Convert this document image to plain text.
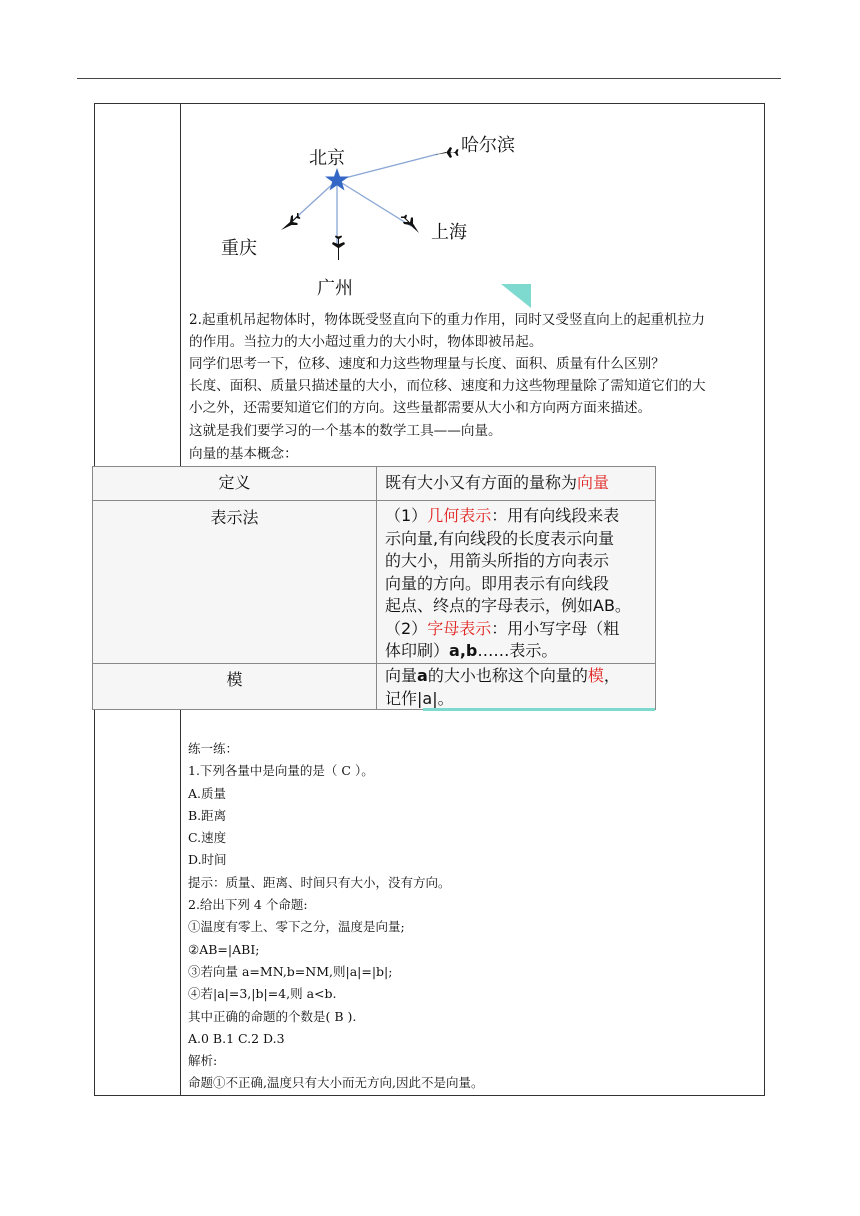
北京
哈尔滨
上海
重庆
广州
2.起重机吊起物体时，物体既受竖直向下的重力作用，同时又受竖直向上的起重机拉力
的作用。当拉力的大小超过重力的大小时，物体即被吊起。
同学们思考一下，位移、速度和力这些物理量与长度、面积、质量有什么区别？
长度、面积、质量只描述量的大小，而位移、速度和力这些物理量除了需知道它们的大
小之外，还需要知道它们的方向。这些量都需要从大小和方向两方面来描述。
这就是我们要学习的一个基本的数学工具——向量。
向量的基本概念：
定义	既有大小又有方面的量称为向量
表示法	（1）几何表示：用有向线段来表
示向量,有向线段的长度表示向量
的大小，用箭头所指的方向表示
向量的方向。即用表示有向线段
起点、终点的字母表示，例如AB。
（2）字母表示：用小写字母（粗
体印刷）a,b……表示。
模	向量a的大小也称这个向量的模，
记作|a|。
练一练：
1.下列各量中是向量的是（ C ）。
A.质量
B.距离
C.速度
D.时间
提示：质量、距离、时间只有大小，没有方向。
2.给出下列 4 个命题:
①温度有零上、零下之分，温度是向量;
②AB=|ABI;
③若向量 a=MN,b=NM,则|a|=|b|;
④若|a|=3,|b|=4,则 a<b.
其中正确的命题的个数是( B ).
A.0 B.1 C.2 D.3
解析:
命题①不正确,温度只有大小而无方向,因此不是向量。
